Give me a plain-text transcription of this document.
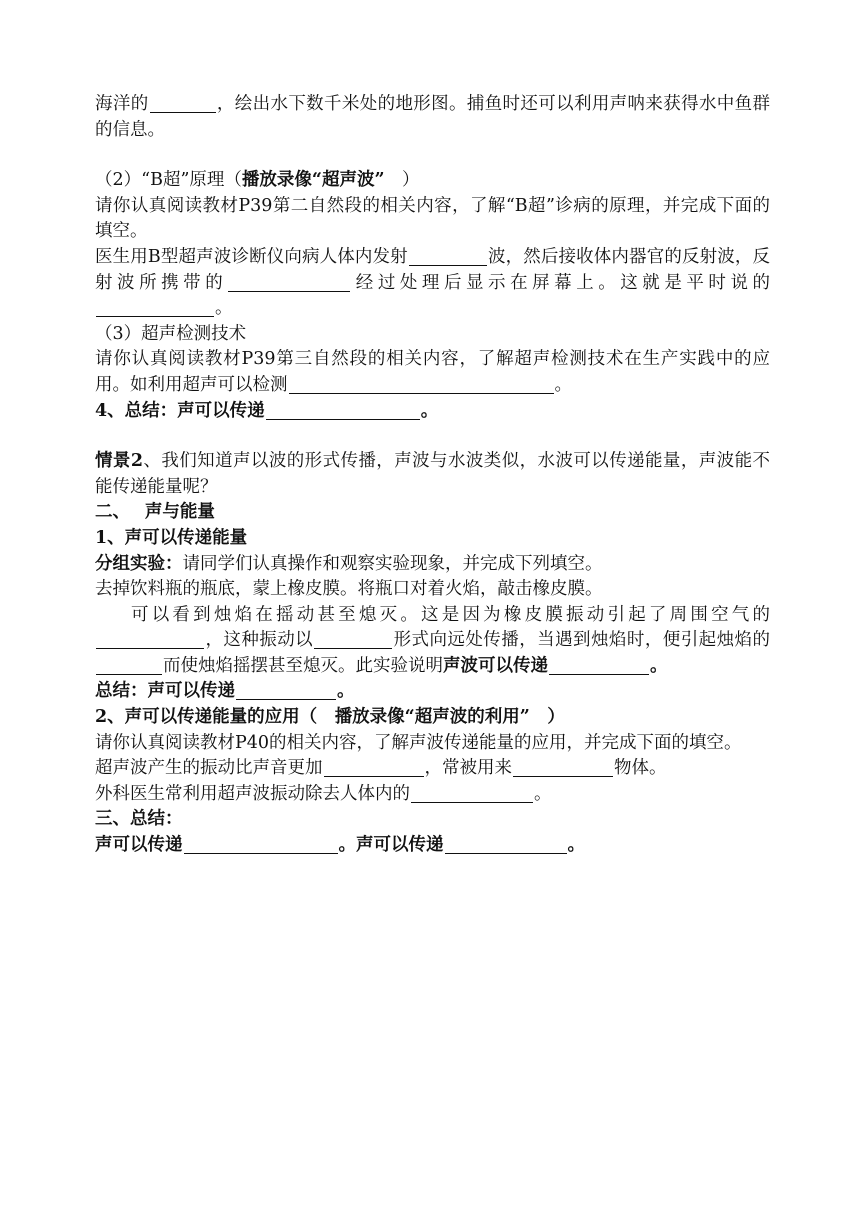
海洋的	，绘出水下数千米处的地形图。捕鱼时还可以利用声呐来获得水中鱼群的信息。

（2）“B超”原理（播放录像“超声波”　 ）

请你认真阅读教材P39第二自然段的相关内容，了解“B超”诊病的原理，并完成下面的填空。

医生用B型超声波诊断仪向病人体内发射	波，然后接收体内器官的反射波，反射波所携带的	经过处理后显示在屏幕上。这就是平时说的。

（3）超声检测技术

请你认真阅读教材P39第三自然段的相关内容，了解超声检测技术在生产实践中的应用。如利用超声可以检测	。

4、总结：声可以传递	。

情景2、我们知道声以波的形式传播，声波与水波类似，水波可以传递能量，声波能不能传递能量呢？

二、　 声与能量

1、声可以传递能量

分组实验：请同学们认真操作和观察实验现象，并完成下列填空。

去掉饮料瓶的瓶底，蒙上橡皮膜。将瓶口对着火焰，敲击橡皮膜。

可以看到烛焰在摇动甚至熄灭。这是因为橡皮膜振动引起了周围空气的，这种振动以	形式向远处传播，当遇到烛焰时，便引起烛焰的而使烛焰摇摆甚至熄灭。此实验说明声波可以传递	。

总结：声可以传递	。

2、声可以传递能量的应用（　 播放录像“超声波的利用”　 ）

请你认真阅读教材P40的相关内容，了解声波传递能量的应用，并完成下面的填空。

超声波产生的振动比声音更加	，常被用来	物体。

外科医生常利用超声波振动除去人体内的	。

三、总结：

声可以传递	。声可以传递	。
